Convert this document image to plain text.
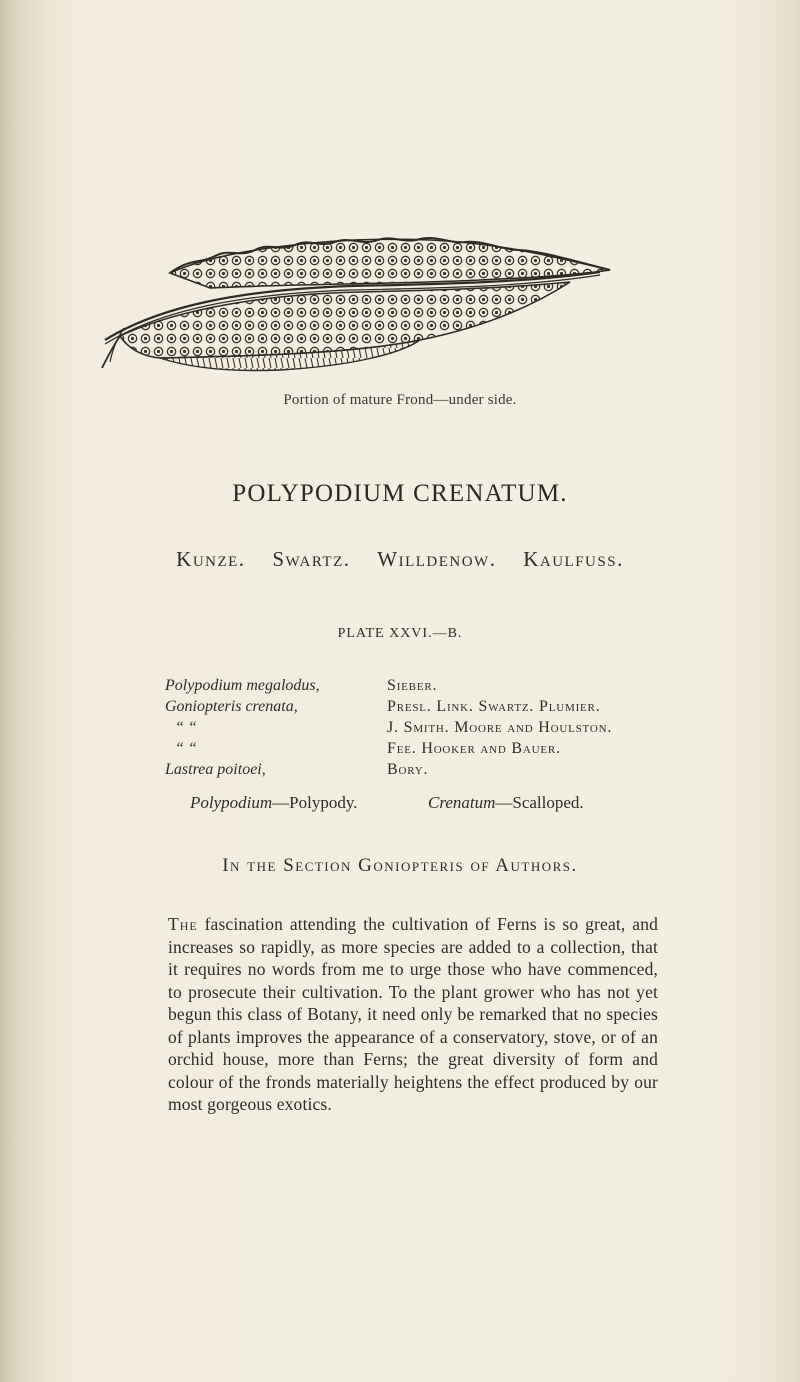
Portion of mature Frond—under side.
POLYPODIUM CRENATUM.
Kunze. Swartz. Willdenow. Kaulfuss.
PLATE XXVI.—B.
Polypodium megalodus,	Sieber.
Goniopteris crenata,	Presl. Link. Swartz. Plumier.
“ “	J. Smith. Moore and Houlston.
“ “	Fee. Hooker and Bauer.
Lastrea poitoei,	Bory.
Polypodium—Polypody.	Crenatum—Scalloped.
In the Section Goniopteris of Authors.
The fascination attending the cultivation of Ferns is so great, and increases so rapidly, as more species are added to a collection, that it requires no words from me to urge those who have commenced, to prosecute their cultivation. To the plant grower who has not yet begun this class of Botany, it need only be remarked that no species of plants improves the appearance of a conservatory, stove, or of an orchid house, more than Ferns; the great diversity of form and colour of the fronds materially heightens the effect produced by our most gorgeous exotics.
